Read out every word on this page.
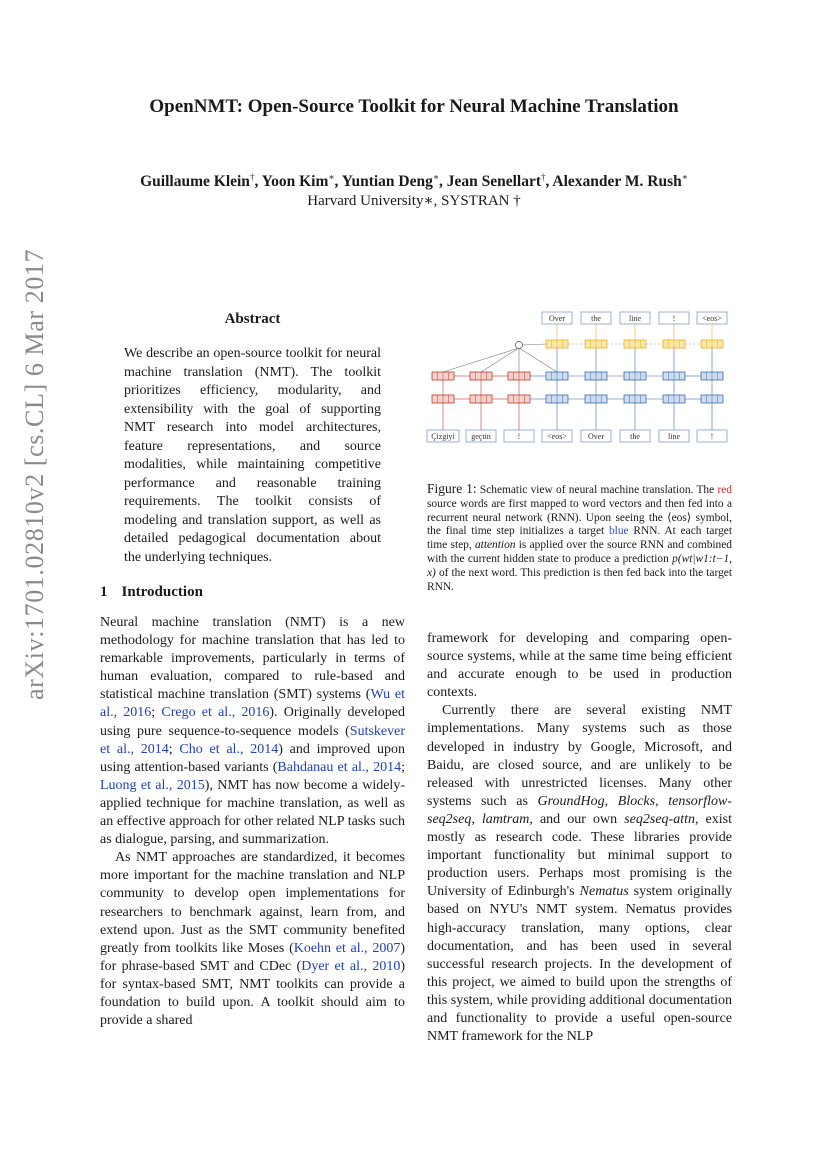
OpenNMT: Open-Source Toolkit for Neural Machine Translation
Guillaume Klein†, Yoon Kim∗, Yuntian Deng∗, Jean Senellart†, Alexander M. Rush∗
Harvard University∗, SYSTRAN †
arXiv:1701.02810v2 [cs.CL] 6 Mar 2017	Abstract
We describe an open-source toolkit for neural machine translation (NMT). The toolkit prioritizes efficiency, modularity, and extensibility with the goal of supporting NMT research into model architectures, feature representations, and source modalities, while maintaining competitive performance and reasonable training requirements. The toolkit consists of modeling and translation support, as well as detailed pedagogical documentation about the underlying techniques.
1 Introduction

Neural machine translation (NMT) is a new methodology for machine translation that has led to remarkable improvements, particularly in terms of human evaluation, compared to rule-based and statistical machine translation (SMT) systems (Wu et al., 2016; Crego et al., 2016). Originally developed using pure sequence-to-sequence models (Sutskever et al., 2014; Cho et al., 2014) and improved upon using attention-based variants (Bahdanau et al., 2014; Luong et al., 2015), NMT has now become a widely-applied technique for machine translation, as well as an effective approach for other related NLP tasks such as dialogue, parsing, and summarization.

As NMT approaches are standardized, it becomes more important for the machine translation and NLP community to develop open implementations for researchers to benchmark against, learn from, and extend upon. Just as the SMT community benefited greatly from toolkits like Moses (Koehn et al., 2007) for phrase-based SMT and CDec (Dyer et al., 2010) for syntax-based SMT, NMT toolkits can provide a foundation to build upon. A toolkit should aim to provide a shared

framework for developing and comparing open-source systems, while at the same time being efficient and accurate enough to be used in production contexts.

Currently there are several existing NMT implementations. Many systems such as those developed in industry by Google, Microsoft, and Baidu, are closed source, and are unlikely to be released with unrestricted licenses. Many other systems such as GroundHog, Blocks, tensorflow-seq2seq, lamtram, and our own seq2seq-attn, exist mostly as research code. These libraries provide important functionality but minimal support to production users. Perhaps most promising is the University of Edinburgh's Nematus system originally based on NYU's NMT system. Nematus provides high-accuracy translation, many options, clear documentation, and has been used in several successful research projects. In the development of this project, we aimed to build upon the strengths of this system, while providing additional documentation and functionality to provide a useful open-source NMT framework for the NLP

Over	the	line	!	<eos>
Çizgiyi geçtin	!	<eos>	Over	the	line	!
Figure 1: Schematic view of neural machine translation. The red source words are first mapped to word vectors and then fed into a recurrent neural network (RNN). Upon seeing the ⟨eos⟩ symbol, the final time step initializes a target blue RNN. At each target time step, attention is applied over the source RNN and combined with the current hidden state to produce a prediction p(wt|w1:t−1, x) of the next word. This prediction is then fed back into the target RNN.
